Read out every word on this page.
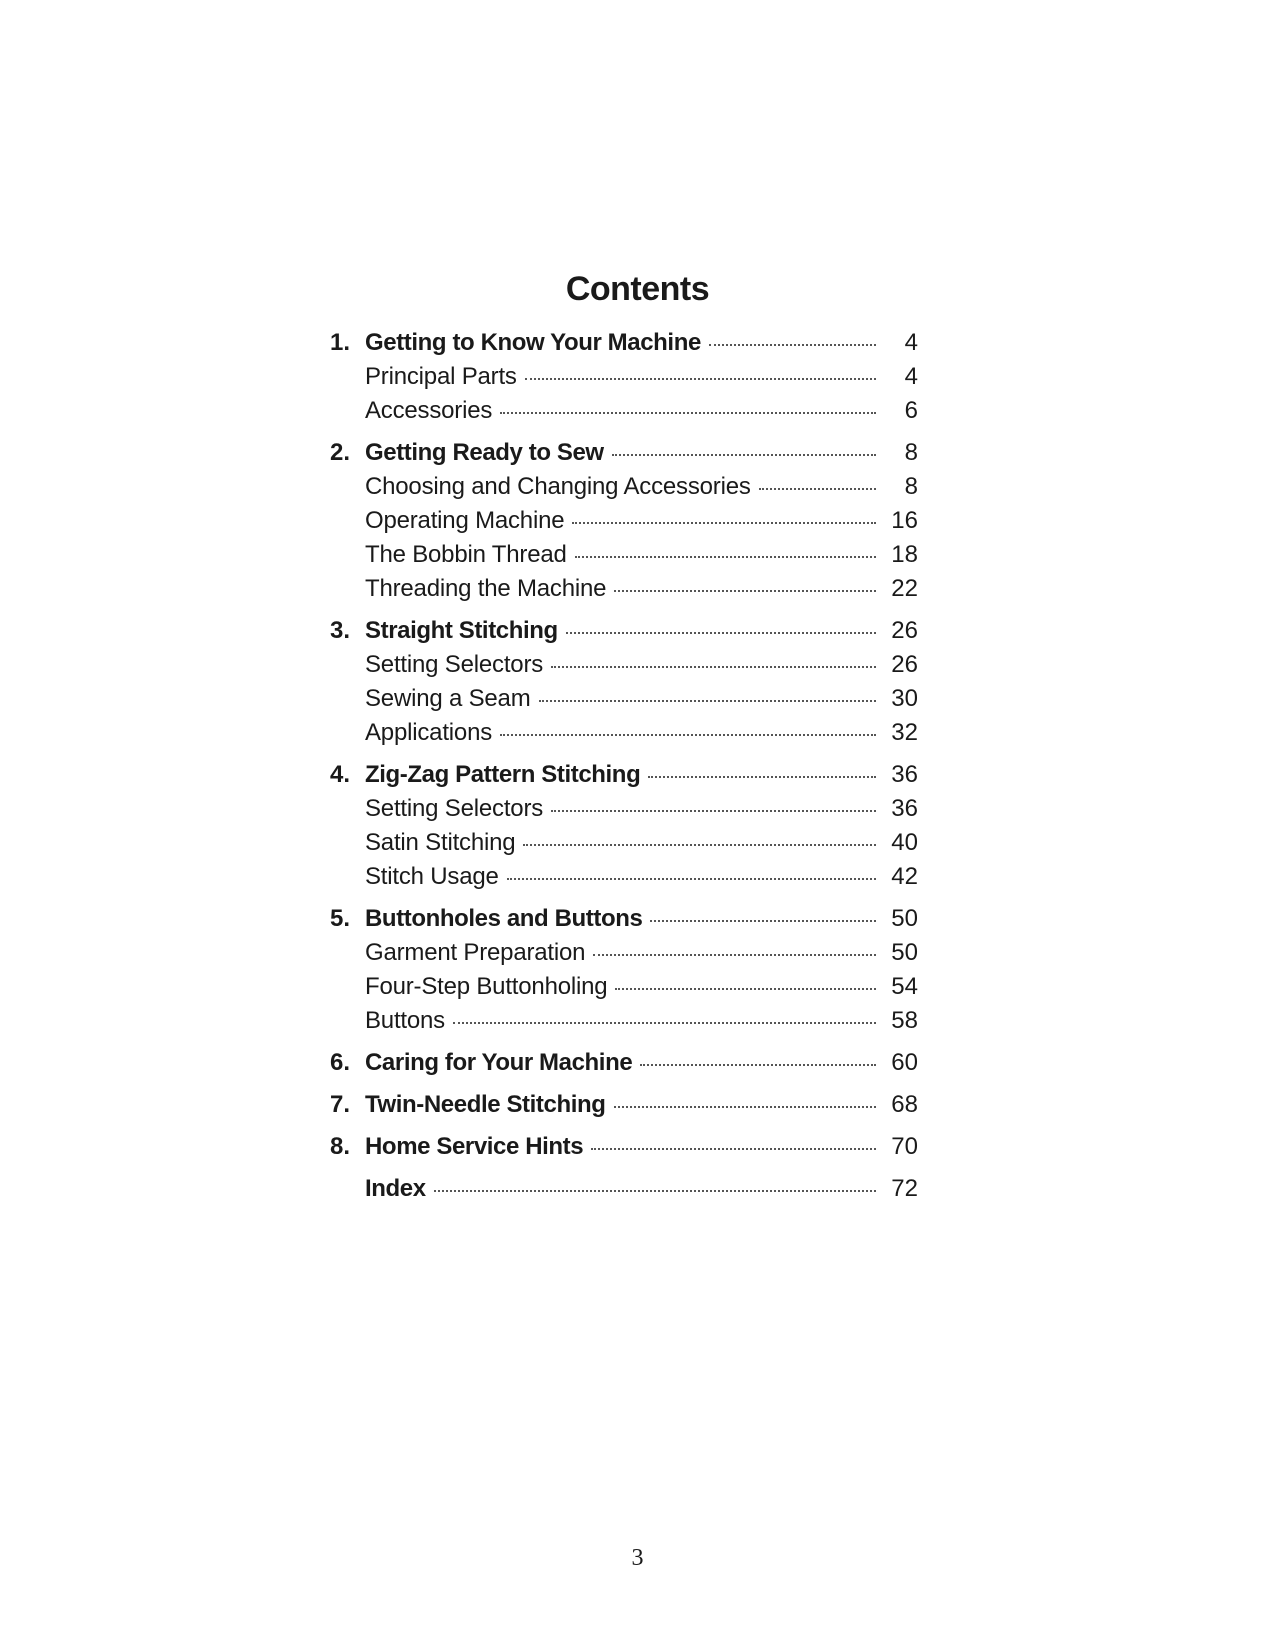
Contents
1. Getting to Know Your Machine	4
Principal Parts	4
Accessories	6
2. Getting Ready to Sew	8
Choosing and Changing Accessories	8
Operating Machine	16
The Bobbin Thread	18
Threading the Machine	22
3. Straight Stitching	26
Setting Selectors	26
Sewing a Seam	30
Applications	32
4. Zig-Zag Pattern Stitching	36
Setting Selectors	36
Satin Stitching	40
Stitch Usage	42
5. Buttonholes and Buttons	50
Garment Preparation	50
Four-Step Buttonholing	54
Buttons	58
6. Caring for Your Machine	60
7. Twin-Needle Stitching	68
8. Home Service Hints	70
Index	72
3
